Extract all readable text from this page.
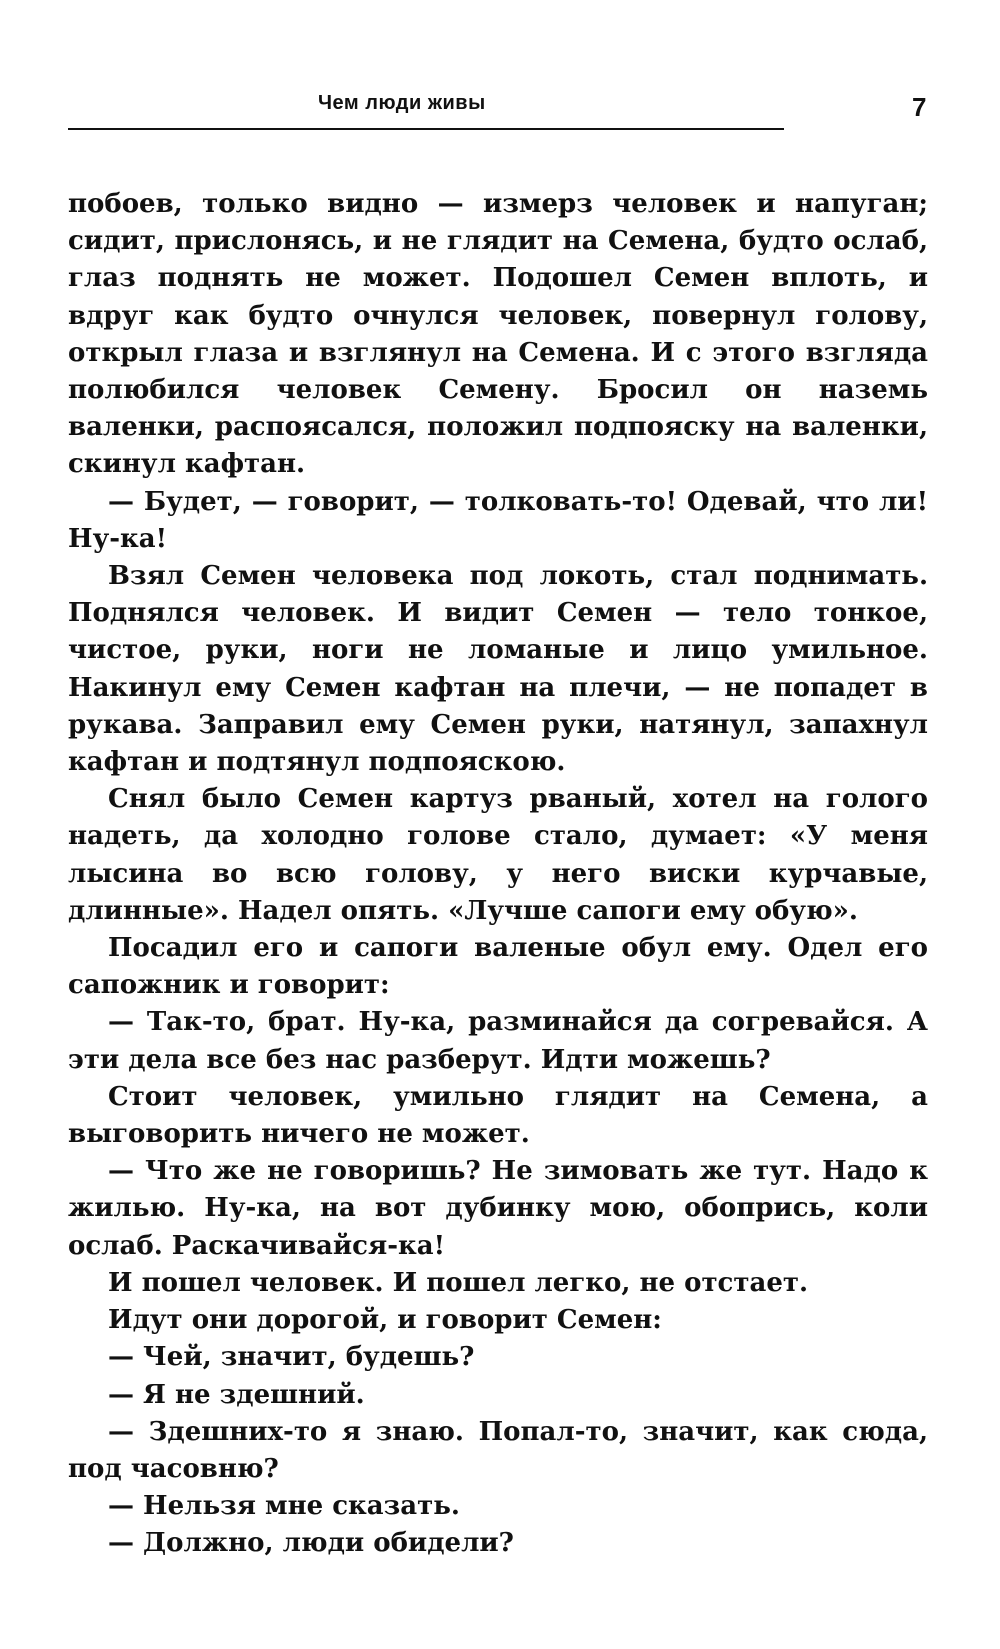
Чем люди живы	7

побоев, только видно — измерз человек и напуган; сидит, прислонясь, и не глядит на Семена, будто ослаб, глаз поднять не может. Подошел Семен вплоть, и вдруг как будто очнулся человек, повернул голову, открыл глаза и взглянул на Семена. И с этого взгляда полюбился человек Семену. Бросил он наземь валенки, распоясался, положил подпояску на валенки, скинул кафтан.

— Будет, — говорит, — толковать-то! Одевай, что ли! Ну-ка!

Взял Семен человека под локоть, стал поднимать. Поднялся человек. И видит Семен — тело тонкое, чистое, руки, ноги не ломаные и лицо умильное. Накинул ему Семен кафтан на плечи, — не попадет в рукава. Заправил ему Семен руки, натянул, запахнул кафтан и подтянул подпояскою.

Снял было Семен картуз рваный, хотел на голого надеть, да холодно голове стало, думает: «У меня лысина во всю голову, у него виски курчавые, длинные». Надел опять. «Лучше сапоги ему обую».

Посадил его и сапоги валеные обул ему. Одел его сапожник и говорит:

— Так-то, брат. Ну-ка, разминайся да согревайся. А эти дела все без нас разберут. Идти можешь?

Стоит человек, умильно глядит на Семена, а выговорить ничего не может.

— Что же не говоришь? Не зимовать же тут. Надо к жилью. Ну-ка, на вот дубинку мою, обопрись, коли ослаб. Раскачивайся-ка!

И пошел человек. И пошел легко, не отстает.

Идут они дорогой, и говорит Семен:

— Чей, значит, будешь?

— Я не здешний.

— Здешних-то я знаю. Попал-то, значит, как сюда, под часовню?

— Нельзя мне сказать.

— Должно, люди обидели?
